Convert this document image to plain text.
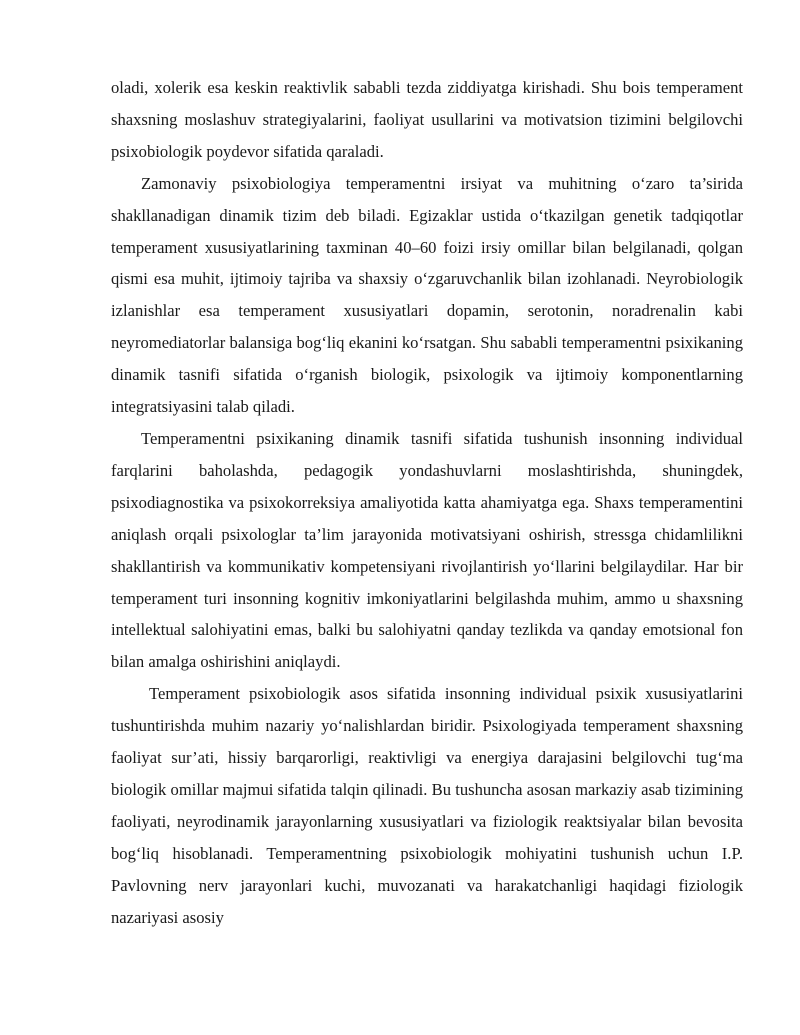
oladi, xolerik esa keskin reaktivlik sababli tezda ziddiyatga kirishadi. Shu bois temperament shaxsning moslashuv strategiyalarini, faoliyat usullarini va motivatsion tizimini belgilovchi psixobiologik poydevor sifatida qaraladi.

Zamonaviy psixobiologiya temperamentni irsiyat va muhitning o‘zaro ta’sirida shakllanadigan dinamik tizim deb biladi. Egizaklar ustida o‘tkazilgan genetik tadqiqotlar temperament xususiyatlarining taxminan 40–60 foizi irsiy omillar bilan belgilanadi, qolgan qismi esa muhit, ijtimoiy tajriba va shaxsiy o‘zgaruvchanlik bilan izohlanadi. Neyrobiologik izlanishlar esa temperament xususiyatlari dopamin, serotonin, noradrenalin kabi neyromediatorlar balansiga bog‘liq ekanini ko‘rsatgan. Shu sababli temperamentni psixikaning dinamik tasnifi sifatida o‘rganish biologik, psixologik va ijtimoiy komponentlarning integratsiyasini talab qiladi.

Temperamentni psixikaning dinamik tasnifi sifatida tushunish insonning individual farqlarini baholashda, pedagogik yondashuvlarni moslashtirishda, shuningdek, psixodiagnostika va psixokorreksiya amaliyotida katta ahamiyatga ega. Shaxs temperamentini aniqlash orqali psixologlar ta’lim jarayonida motivatsiyani oshirish, stressga chidamlilikni shakllantirish va kommunikativ kompetensiyani rivojlantirish yo‘llarini belgilaydilar. Har bir temperament turi insonning kognitiv imkoniyatlarini belgilashda muhim, ammo u shaxsning intellektual salohiyatini emas, balki bu salohiyatni qanday tezlikda va qanday emotsional fon bilan amalga oshirishini aniqlaydi.

Temperament psixobiologik asos sifatida insonning individual psixik xususiyatlarini tushuntirishda muhim nazariy yo‘nalishlardan biridir. Psixologiyada temperament shaxsning faoliyat sur’ati, hissiy barqarorligi, reaktivligi va energiya darajasini belgilovchi tug‘ma biologik omillar majmui sifatida talqin qilinadi. Bu tushuncha asosan markaziy asab tizimining faoliyati, neyrodinamik jarayonlarning xususiyatlari va fiziologik reaktsiyalar bilan bevosita bog‘liq hisoblanadi. Temperamentning psixobiologik mohiyatini tushunish uchun I.P. Pavlovning nerv jarayonlari kuchi, muvozanati va harakatchanligi haqidagi fiziologik nazariyasi asosiy
